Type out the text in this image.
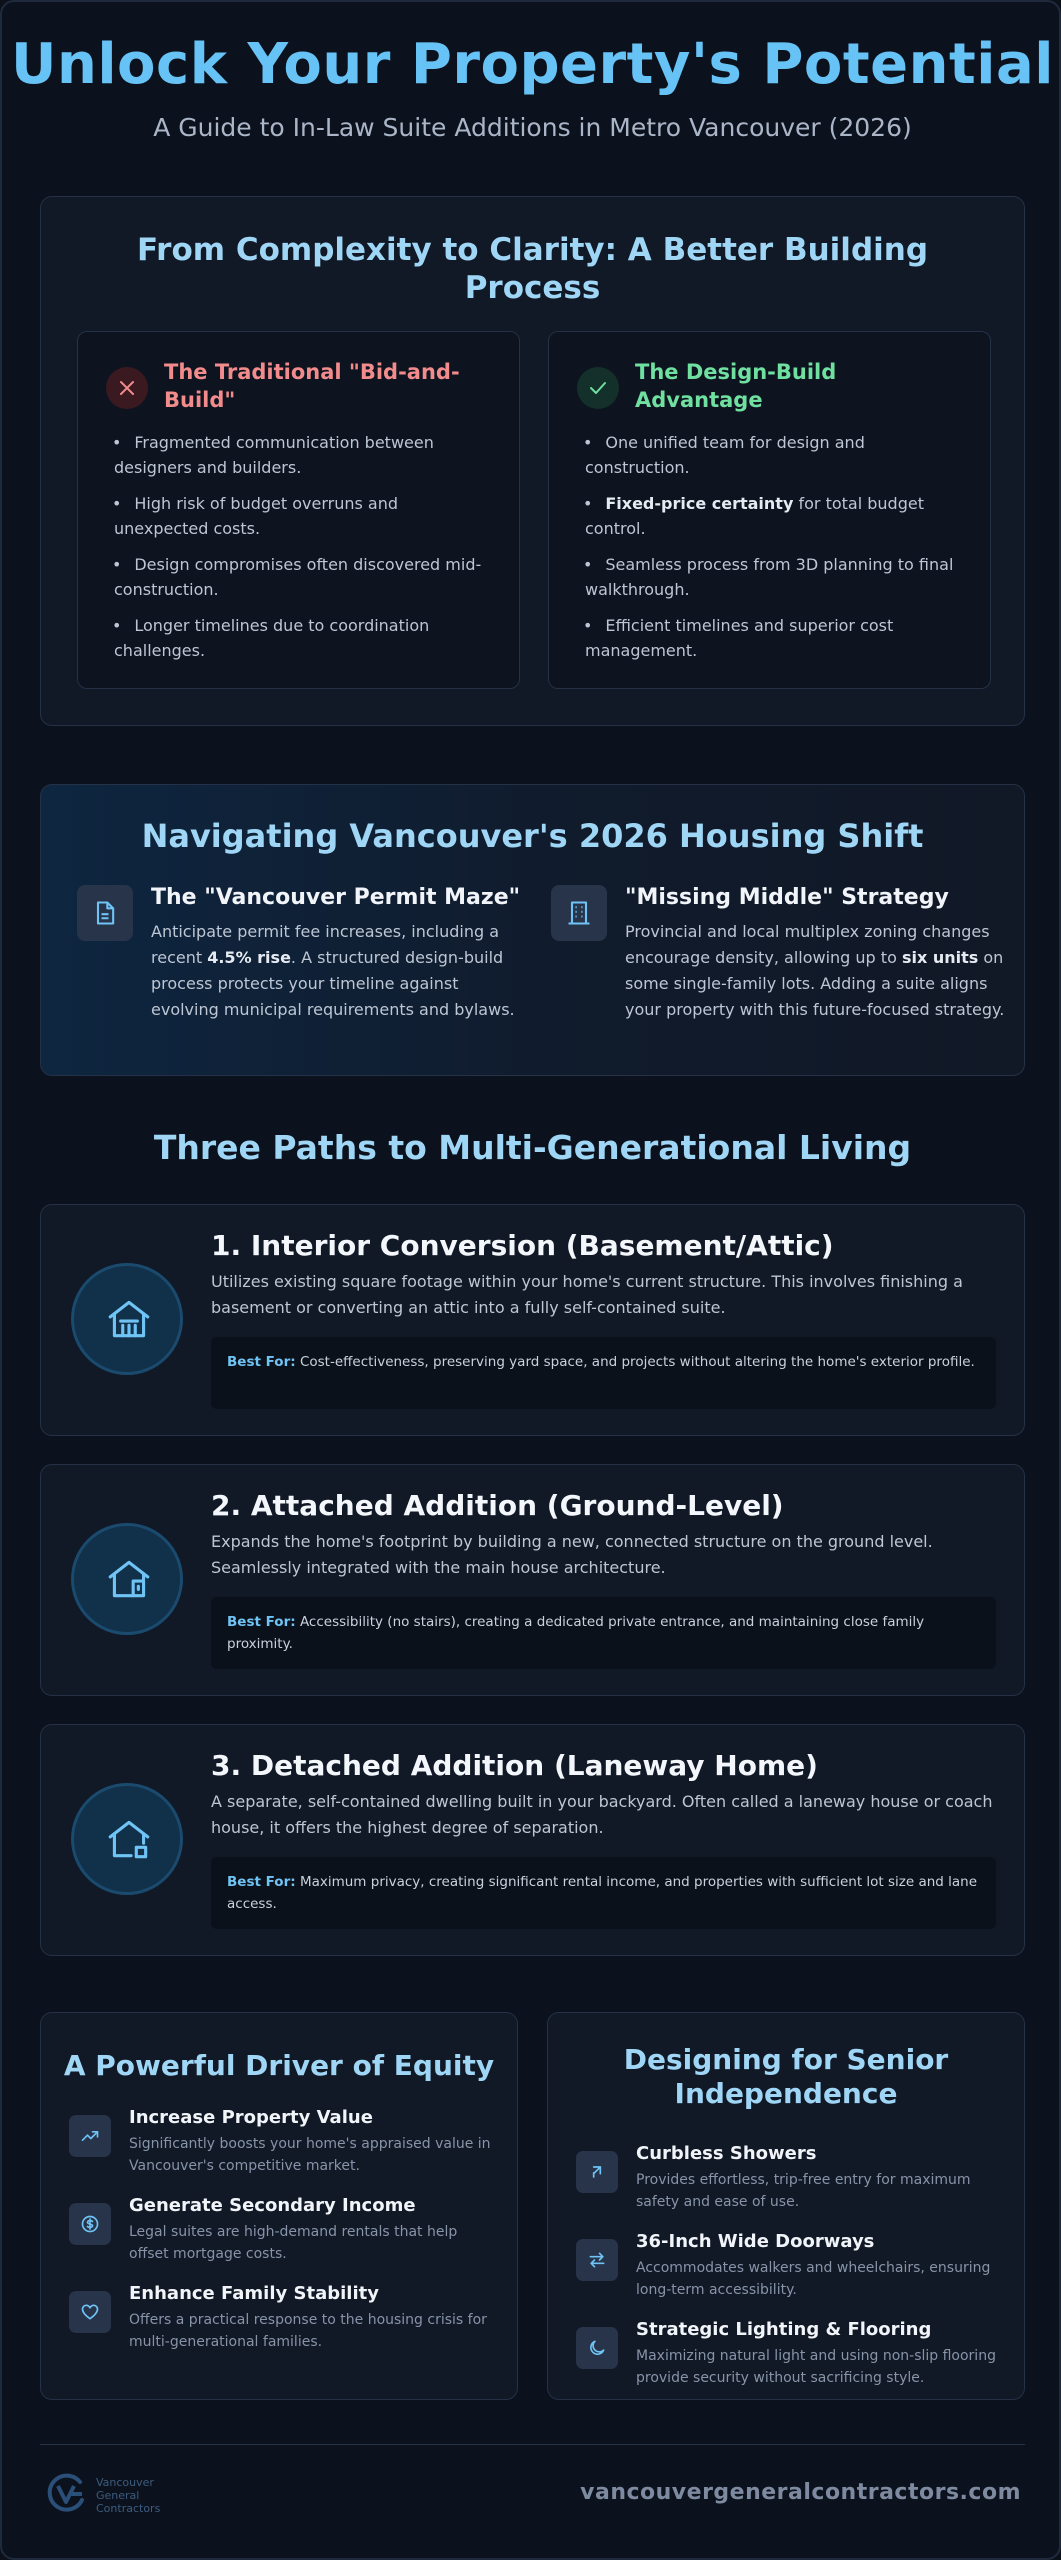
Unlock Your Property's Potential
A Guide to In-Law Suite Additions in Metro Vancouver (2026)
From Complexity to Clarity: A Better Building Process
The Traditional "Bid-and-Build"
• Fragmented communication between designers and builders.
• High risk of budget overruns and unexpected costs.
• Design compromises often discovered mid-construction.
• Longer timelines due to coordination challenges.
The Design-Build Advantage
• One unified team for design and construction.
• Fixed-price certainty for total budget control.
• Seamless process from 3D planning to final walkthrough.
• Efficient timelines and superior cost management.
Navigating Vancouver's 2026 Housing Shift
The "Vancouver Permit Maze"

Anticipate permit fee increases, including a recent 4.5% rise. A structured design-build process protects your timeline against evolving municipal requirements and bylaws.

"Missing Middle" Strategy

Provincial and local multiplex zoning changes encourage density, allowing up to six units on some single-family lots. Adding a suite aligns your property with this future-focused strategy.

Three Paths to Multi-Generational Living
1. Interior Conversion (Basement/Attic)

Utilizes existing square footage within your home's current structure. This involves finishing a basement or converting an attic into a fully self-contained suite.

Best For: Cost-effectiveness, preserving yard space, and projects without altering the home's exterior profile.
2. Attached Addition (Ground-Level)

Expands the home's footprint by building a new, connected structure on the ground level. Seamlessly integrated with the main house architecture.

Best For: Accessibility (no stairs), creating a dedicated private entrance, and maintaining close family proximity.
3. Detached Addition (Laneway Home)

A separate, self-contained dwelling built in your backyard. Often called a laneway house or coach house, it offers the highest degree of separation.

Best For: Maximum privacy, creating significant rental income, and properties with sufficient lot size and lane access.
A Powerful Driver of Equity
Increase Property Value

Significantly boosts your home's appraised value in Vancouver's competitive market.

Generate Secondary Income

Legal suites are high-demand rentals that help offset mortgage costs.

Enhance Family Stability

Offers a practical response to the housing crisis for multi-generational families.

Designing for Senior Independence
Curbless Showers

Provides effortless, trip-free entry for maximum safety and ease of use.

36-Inch Wide Doorways

Accommodates walkers and wheelchairs, ensuring long-term accessibility.

Strategic Lighting & Flooring

Maximizing natural light and using non-slip flooring provide security without sacrificing style.

Vancouver
General
Contractors
vancouvergeneralcontractors.com
